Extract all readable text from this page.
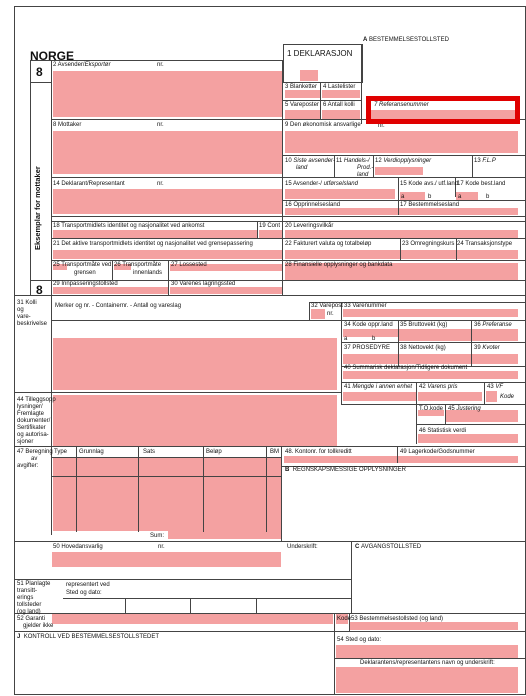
NORGE
8
8
Eksemplar for mottaker
A BESTEMMELSESTOLLSTED
1 DEKLARASJON
2 Avsender/Eksportør	nr.
3 Blanketter 4 Lastelister
5 Vareposter 6 Antall kolli	7 Referansenummer
8 Mottaker	nr.	9 Den økonomisk ansvarlige	nr.
10 Siste avsender-
land
11 Handels-/
Prod.-
land
12 Verdiopplysninger	13 F.L.P
14 Deklarant/Representant	nr.	15 Avsender-/ utførselsland	15 Kode avs./ utf.land
17 Kode best.land
a	b	a	b
16 Opprinnelsesland	17 Bestemmelsesland
18 Transportmidlets identitet og nasjonalitet ved ankomst	19 Cont 20 Leveringsvilkår
21 Det aktive transportmidlets identitet og nasjonalitet ved grensepassering	22 Fakturert valuta og totalbeløp	23 Omregningskurs 24 Transaksjonstype
25 Transportmåte ved
grensen
26 Transportmåte
innenlands
27 Lossested	28 Finansielle opplysninger og bankdata
29 Innpasseringstollsted	30 Varenes lagringssted
31 Kolli
og
vare-
beskrivelse
Merker og nr. - Containernr. - Antall og vareslag	32 Varepost
nr.
33 Varenummer
34 Kode oppr.land
a	b
35 Bruttovekt (kg)	36 Preferanse
37 PROSEDYRE 38 Nettovekt (kg)	39 Kvoter
40 Summarisk deklarasjon/Tidligere dokument
41 Mengde i annen enhet 42 Varens pris	43 VF
Kode
44 Tilleggsopp
lysninger/
Fremlagte
dokumenter/
Sertifikater
og autorisa-
sjoner
T.O.kode 45 Justering
46 Statistisk verdi
47 Beregning
av
avgifter:
Type Grunnlag	Sats	Beløp	BM
Sum:
48. Kontonr. for tollkreditt	49 Lagerkode/Godsnummer
B REGNSKAPSMESSIGE OPPLYSNINGER
50 Hovedansvarlig	nr.	Underskrift:	C AVGANGSTOLLSTED
representert ved
Sted og dato:
51 Planlagte
transitt-
erings
tollsteder
(og land)
52 Garanti
gjelder ikke
Kode 53 Bestemmelsestollsted (og land)
J KONTROLL VED BESTEMMELSESTOLLSTEDET	54 Sted og dato:
Deklarantens/representantens navn og underskrift:
